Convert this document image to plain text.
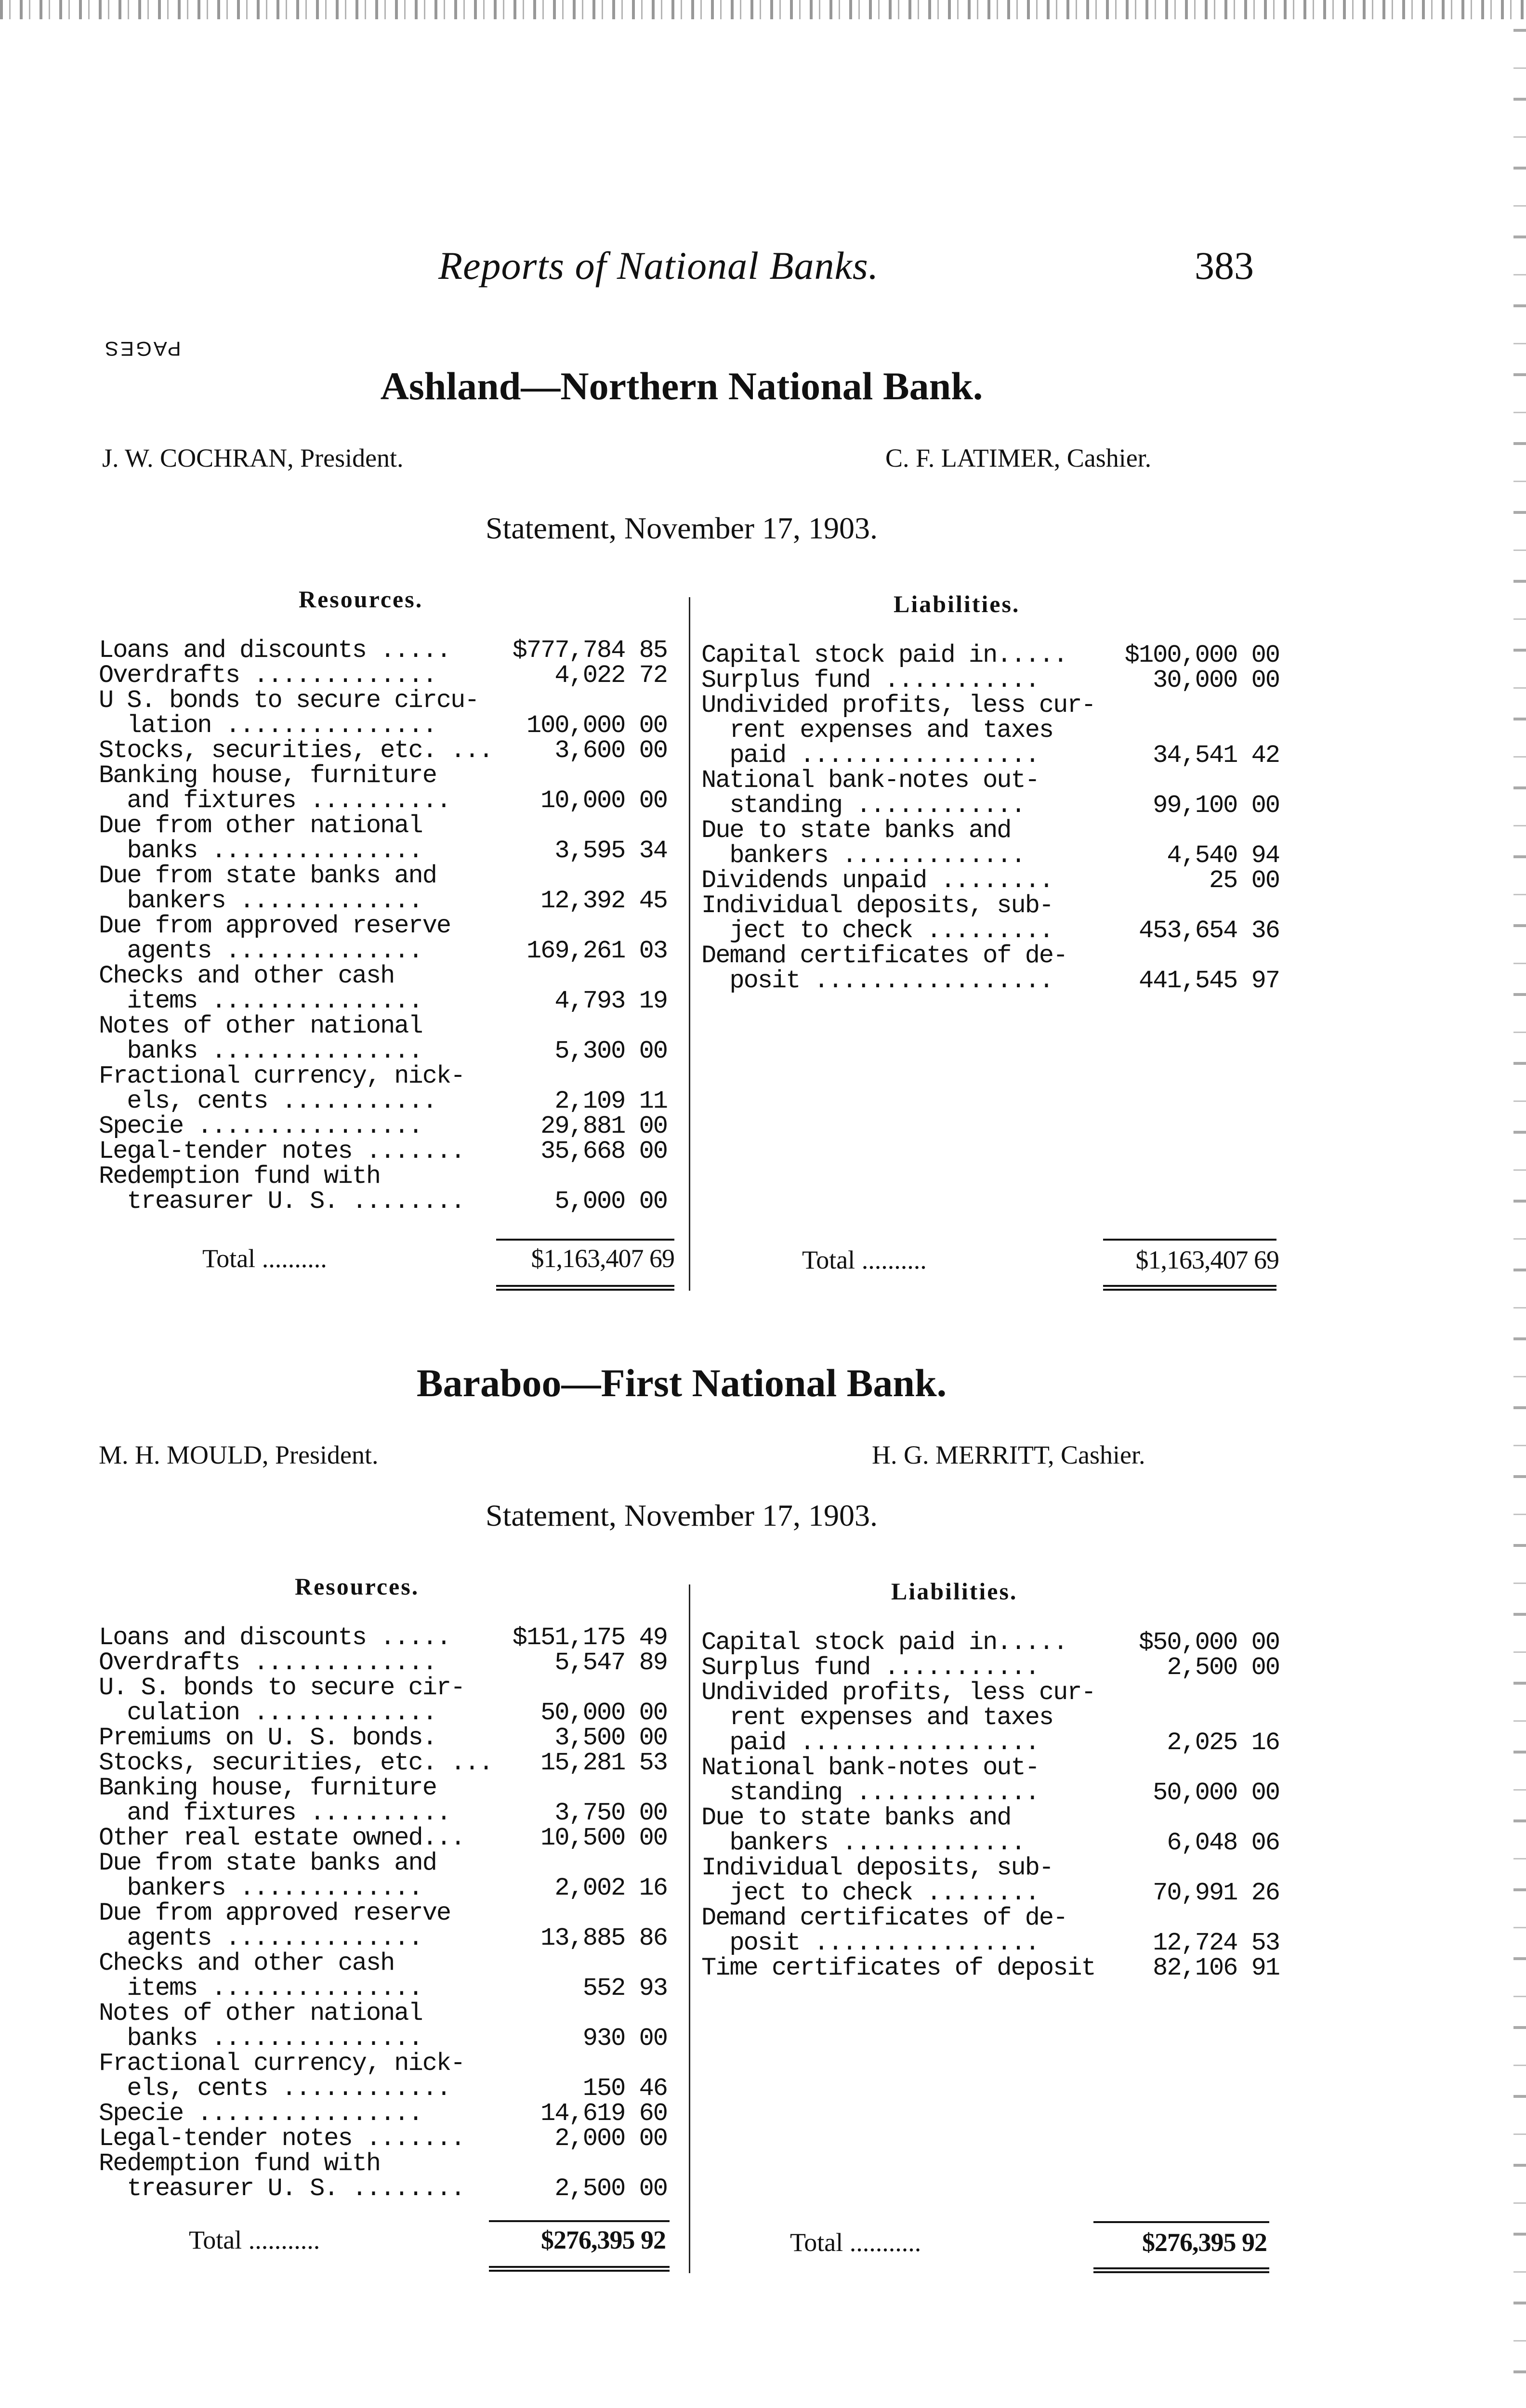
Reports of National Banks.	383
PAGES
Ashland—Northern National Bank.
J. W. COCHRAN, President.	C. F. LATIMER, Cashier.
Statement, November 17, 1903.
Resources.	Liabilities.
Loans and discounts .....	$777,784 85
Overdrafts .............	4,022 72
U S. bonds to secure circu-
lation ...............	100,000 00
Stocks, securities, etc. ...	3,600 00
Banking house, furniture
and fixtures ..........	10,000 00
Due from other national
banks ...............	3,595 34
Due from state banks and
bankers .............	12,392 45
Due from approved reserve
agents ..............	169,261 03
Checks and other cash
items ...............	4,793 19
Notes of other national
banks ...............	5,300 00
Fractional currency, nick-
els, cents ...........	2,109 11
Specie ................	29,881 00
Legal-tender notes .......	35,668 00
Redemption fund with
treasurer U. S. ........	5,000 00
Capital stock paid in.....	$100,000 00
Surplus fund ...........	30,000 00
Undivided profits, less cur-
rent expenses and taxes
paid .................	34,541 42
National bank-notes out-
standing ............	99,100 00
Due to state banks and
bankers .............	4,540 94
Dividends unpaid ........	25 00
Individual deposits, sub-
ject to check .........	453,654 36
Demand certificates of de-
posit .................	441,545 97
Total ..........	$1,163,407 69	Total ..........	$1,163,407 69
Baraboo—First National Bank.
M. H. MOULD, President.	H. G. MERRITT, Cashier.
Statement, November 17, 1903.
Resources.	Liabilities.
Loans and discounts .....	$151,175 49
Overdrafts .............	5,547 89
U. S. bonds to secure cir-
culation .............	50,000 00
Premiums on U. S. bonds.	3,500 00
Stocks, securities, etc. ...	15,281 53
Banking house, furniture
and fixtures ..........	3,750 00
Other real estate owned...	10,500 00
Due from state banks and
bankers .............	2,002 16
Due from approved reserve
agents ..............	13,885 86
Checks and other cash
items ...............	552 93
Notes of other national
banks ...............	930 00
Fractional currency, nick-
els, cents ............	150 46
Specie ................	14,619 60
Legal-tender notes .......	2,000 00
Redemption fund with
treasurer U. S. ........	2,500 00
Capital stock paid in.....	$50,000 00
Surplus fund ...........	2,500 00
Undivided profits, less cur-
rent expenses and taxes
paid .................	2,025 16
National bank-notes out-
standing .............	50,000 00
Due to state banks and
bankers .............	6,048 06
Individual deposits, sub-
ject to check ........	70,991 26
Demand certificates of de-
posit ................	12,724 53
Time certificates of deposit	82,106 91
Total ...........	$276,395 92	Total ...........	$276,395 92
